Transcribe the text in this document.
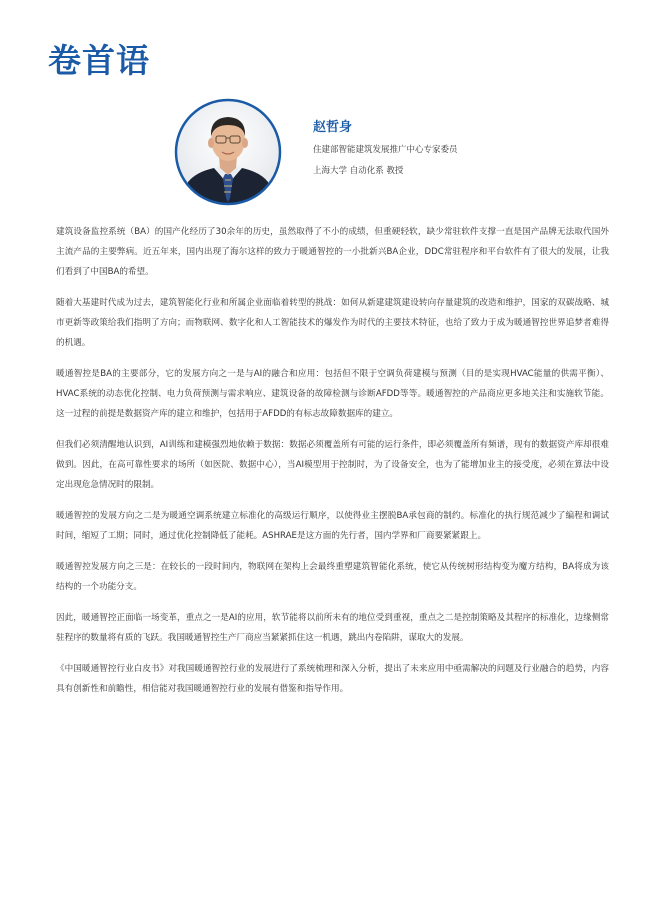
卷首语
赵哲身
住建部智能建筑发展推广中心专家委员
上海大学 自动化系 教授

建筑设备监控系统（BA）的国产化经历了30余年的历史，虽然取得了不小的成绩，但重硬轻软，缺少常驻软件支撑一直是国产品牌无法取代国外主流产品的主要弊病。近五年来，国内出现了海尔这样的致力于暖通智控的一小批新兴BA企业，DDC常驻程序和平台软件有了很大的发展，让我们看到了中国BA的希望。

随着大基建时代成为过去，建筑智能化行业和所属企业面临着转型的挑战：如何从新建建筑建设转向存量建筑的改造和维护，国家的双碳战略、城市更新等政策给我们指明了方向；而物联网、数字化和人工智能技术的爆发作为时代的主要技术特征，也给了致力于成为暖通智控世界追梦者难得的机遇。

暖通智控是BA的主要部分，它的发展方向之一是与AI的融合和应用：包括但不限于空调负荷建模与预测（目的是实现HVAC能量的供需平衡）、HVAC系统的动态优化控制、电力负荷预测与需求响应、建筑设备的故障检测与诊断AFDD等等。暖通智控的产品商应更多地关注和实施软节能。这一过程的前提是数据资产库的建立和维护，包括用于AFDD的有标志故障数据库的建立。

但我们必须清醒地认识到，AI训练和建模强烈地依赖于数据：数据必须覆盖所有可能的运行条件，即必须覆盖所有频谱，现有的数据资产库却很难做到。因此，在高可靠性要求的场所（如医院、数据中心），当AI模型用于控制时，为了设备安全，也为了能增加业主的接受度，必须在算法中设定出现危急情况时的限制。

暖通智控的发展方向之二是为暖通空调系统建立标准化的高级运行顺序，以使得业主摆脱BA承包商的制约。标准化的执行规范减少了编程和调试时间，缩短了工期；同时，通过优化控制降低了能耗。ASHRAE是这方面的先行者，国内学界和厂商要紧紧跟上。

暖通智控发展方向之三是：在较长的一段时间内，物联网在架构上会最终重塑建筑智能化系统，使它从传统树形结构变为魔方结构，BA将成为该结构的一个功能分支。

因此，暖通智控正面临一场变革，重点之一是AI的应用，软节能将以前所未有的地位受到重视，重点之二是控制策略及其程序的标准化，边缘侧常驻程序的数量将有质的飞跃。我国暖通智控生产厂商应当紧紧抓住这一机遇，跳出内卷陷阱，谋取大的发展。

《中国暖通智控行业白皮书》对我国暖通智控行业的发展进行了系统梳理和深入分析，提出了未来应用中亟需解决的问题及行业融合的趋势，内容具有创新性和前瞻性，相信能对我国暖通智控行业的发展有借鉴和指导作用。
